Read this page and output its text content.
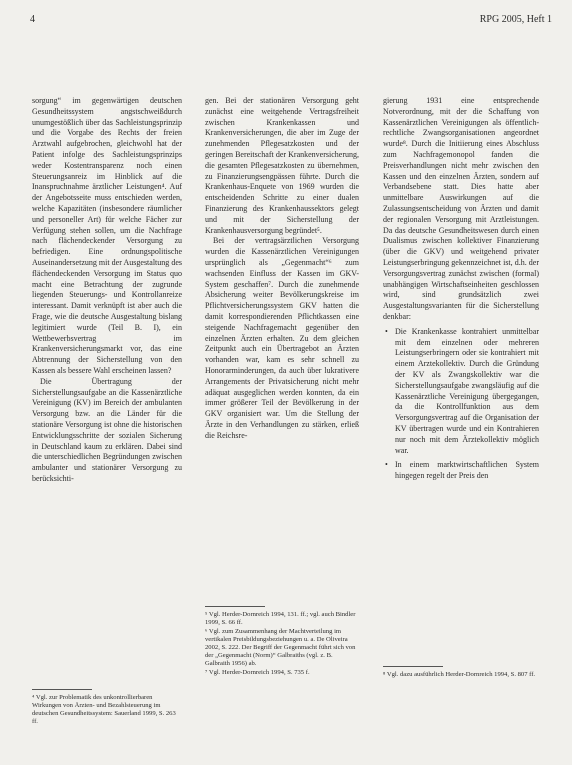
4	RPG 2005, Heft 1

sorgung“ im gegenwärtigen deutschen Gesundheitssystem angstschweißdurch unumgestößlich über das Sachleistungsprinzip und die Vorgabe des Rechts der freien Arztwahl aufgebrochen, gleichwohl hat der Patient infolge des Sachleistungsprinzips weder Kostentransparenz noch einen Steuerungsanreiz im Hinblick auf die Inanspruchnahme ärztlicher Leistungen⁴. Auf der Angebotsseite muss entschieden werden, welche Kapazitäten (insbesondere räumlicher und personeller Art) für welche Fächer zur Verfügung stehen sollen, um die Nachfrage nach flächendeckender Versorgung zu befriedigen. Eine ordnungspolitische Auseinandersetzung mit der Ausgestaltung des flächendeckenden Versorgung im Status quo macht eine Betrachtung der zugrunde liegenden Steuerungs- und Kontrollanreize interessant. Damit verknüpft ist aber auch die Frage, wie die deutsche Ausgestaltung bislang legitimiert wurde (Teil B. I), ein Wettbewerbsvertrag im Krankenversicherungsmarkt vor, das eine Abtrennung der Sicherstellung von den Kassen als bessere Wahl erscheinen lassen?

Die Übertragung der Sicherstellungsaufgabe an die Kassenärztliche Vereinigung (KV) im Bereich der ambulanten Versorgung bzw. an die Länder für die stationäre Versorgung ist ohne die historischen Entwicklungsschritte der sozialen Sicherung in Deutschland kaum zu erklären. Dabei sind die unterschiedlichen Begründungen zwischen ambulanter und stationärer Versorgung zu berücksichti-

gen. Bei der stationären Versorgung geht zunächst eine weitgehende Vertragsfreiheit zwischen Krankenkassen und Krankenversicherungen, die aber im Zuge der zunehmenden Pflegesatzkosten und der geringen Bereitschaft der Krankenversicherung, die gesamten Pflegesatzkosten zu übernehmen, zu Finanzierungsengpässen führte. Durch die Krankenhaus-Enquete von 1969 wurden die entscheidenden Schritte zu einer dualen Finanzierung des Krankenhaussektors gelegt und mit der Sicherstellung der Krankenhausversorgung begründet⁵.

Bei der vertragsärztlichen Versorgung wurden die Kassenärztlichen Vereinigungen ursprünglich als „Gegenmacht“⁶ zum wachsenden Einfluss der Kassen im GKV-System geschaffen⁷. Durch die zunehmende Absicherung weiter Bevölkerungskreise im Pflichtversicherungssystem GKV hatten die damit korrespondierenden Pflichtkassen eine steigende Nachfragemacht gegenüber den einzelnen Ärzten erhalten. Zu dem gleichen Zeitpunkt auch ein Übertragebot an Ärzten vorhanden war, kam es sehr schnell zu Honorarminderungen, da auch über lukrativere Arrangements der Privatsicherung nicht mehr adäquat ausgeglichen werden konnten, da ein immer größerer Teil der Bevölkerung in der GKV organisiert war. Um die Stellung der Ärzte in den Verhandlungen zu stärken, erließ die Reichsre-

gierung 1931 eine entsprechende Notverordnung, mit der die Schaffung von Kassenärztlichen Vereinigungen als öffentlich-rechtliche Zwangsorganisationen angeordnet wurde⁸. Durch die Initiierung eines Abschluss zum Nachfragemonopol fanden die Preisverhandlungen nicht mehr zwischen den Kassen und den einzelnen Ärzten, sondern auf Verbandsebene statt. Dies hatte aber unmittelbare Auswirkungen auf die Zulassungsentscheidung von Ärzten und damit der regionalen Versorgung mit Arztleistungen. Da das deutsche Gesundheitswesen durch einen Dualismus zwischen kollektiver Finanzierung (über die GKV) und weitgehend privater Leistungserbringung gekennzeichnet ist, d.h. der Versorgungsvertrag zunächst zwischen (formal) unabhängigen Wirtschaftseinheiten geschlossen wird, sind grundsätzlich zwei Ausgestaltungsvarianten für die Sicherstellung denkbar:

• Die Krankenkasse kontrahiert unmittelbar mit dem einzelnen oder mehreren Leistungserbringern oder sie kontrahiert mit einem Arztekollektiv. Durch die Gründung der KV als Zwangskollektiv war die Sicherstellungsaufgabe zwangsläufig auf die Kassenärztliche Vereinigung übergegangen, da die Kontrollfunktion aus dem Versorgungsvertrag auf die Organisation der KV übertragen wurde und ein Kontrahieren nur noch mit dem Ärztekollektiv möglich war.
• In einem marktwirtschaftlichen System hingegen regelt der Preis den

⁴ Vgl. zur Problematik des unkontrollierbaren Wirkungen von Ärzten- und Bezahlsteuerung im deutschen Gesundheitssystem: Sauerland 1999, S. 263 ff.

⁵ Vgl. Herder-Dornreich 1994, 131. ff.; vgl. auch Bindler 1999, S. 66 ff.

⁶ Vgl. zum Zusammenhang der Machtverteilung im vertikalen Preisbildungsbeziehungen u. a. De Oliveira 2002, S. 222. Der Begriff der Gegenmacht führt sich von der „Gegenmacht (Norm)“ Galbraiths (vgl. z. B. Galbraith 1956) ab.

⁷ Vgl. Herder-Dornreich 1994, S. 735 f.	⁸ Vgl. dazu ausführlich Herder-Dornreich 1994, S. 807 ff.
